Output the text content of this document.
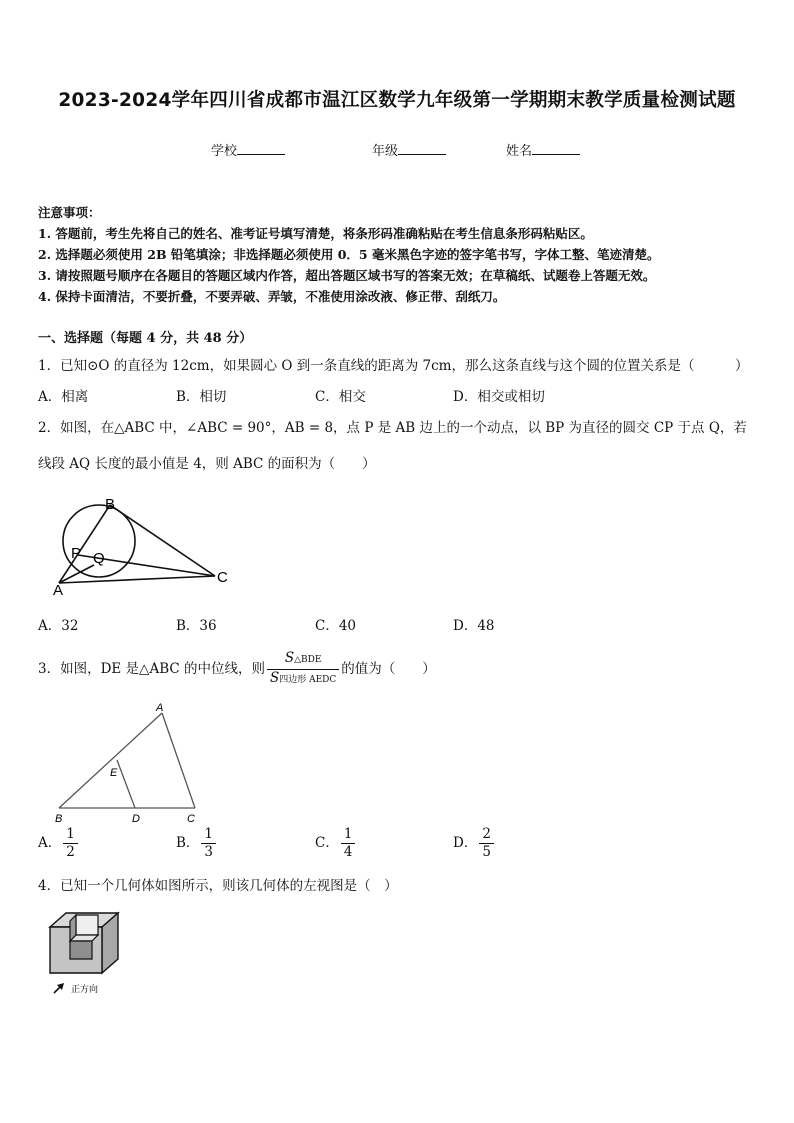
2023-2024学年四川省成都市温江区数学九年级第一学期期末教学质量检测试题
学校	年级	姓名
注意事项：
1. 答题前，考生先将自己的姓名、准考证号填写清楚，将条形码准确粘贴在考生信息条形码粘贴区。
2. 选择题必须使用 2B 铅笔填涂；非选择题必须使用 0．5 毫米黑色字迹的签字笔书写，字体工整、笔迹清楚。
3. 请按照题号顺序在各题目的答题区域内作答，超出答题区域书写的答案无效；在草稿纸、试题卷上答题无效。
4. 保持卡面清洁，不要折叠，不要弄破、弄皱，不准使用涂改液、修正带、刮纸刀。
一、选择题（每题 4 分，共 48 分）
1．已知⊙O 的直径为 12cm，如果圆心 O 到一条直线的距离为 7cm，那么这条直线与这个圆的位置关系是（　　　）
A．相离	B．相切	C．相交	D．相交或相切
2．如图，在△ABC 中，∠ABC = 90°，AB = 8，点 P 是 AB 边上的一个动点，以 BP 为直径的圆交 CP 于点 Q，若
线段 AQ 长度的最小值是 4，则 ABC 的面积为（　　）
B
P Q
A
C
A．32	B．36	C．40	D．48
3．如图，DE 是△ABC 的中位线，则 $\frac{\text{S△BDE}}{\text{S四边形 AEDC}}$ 的值为（　　）
A
E
B	D	C
A． $\frac{1}{2}$	B． $\frac{1}{3}$	C． $\frac{1}{4}$	D． $\frac{2}{5}$
4．已知一个几何体如图所示，则该几何体的左视图是（　）
正方向
